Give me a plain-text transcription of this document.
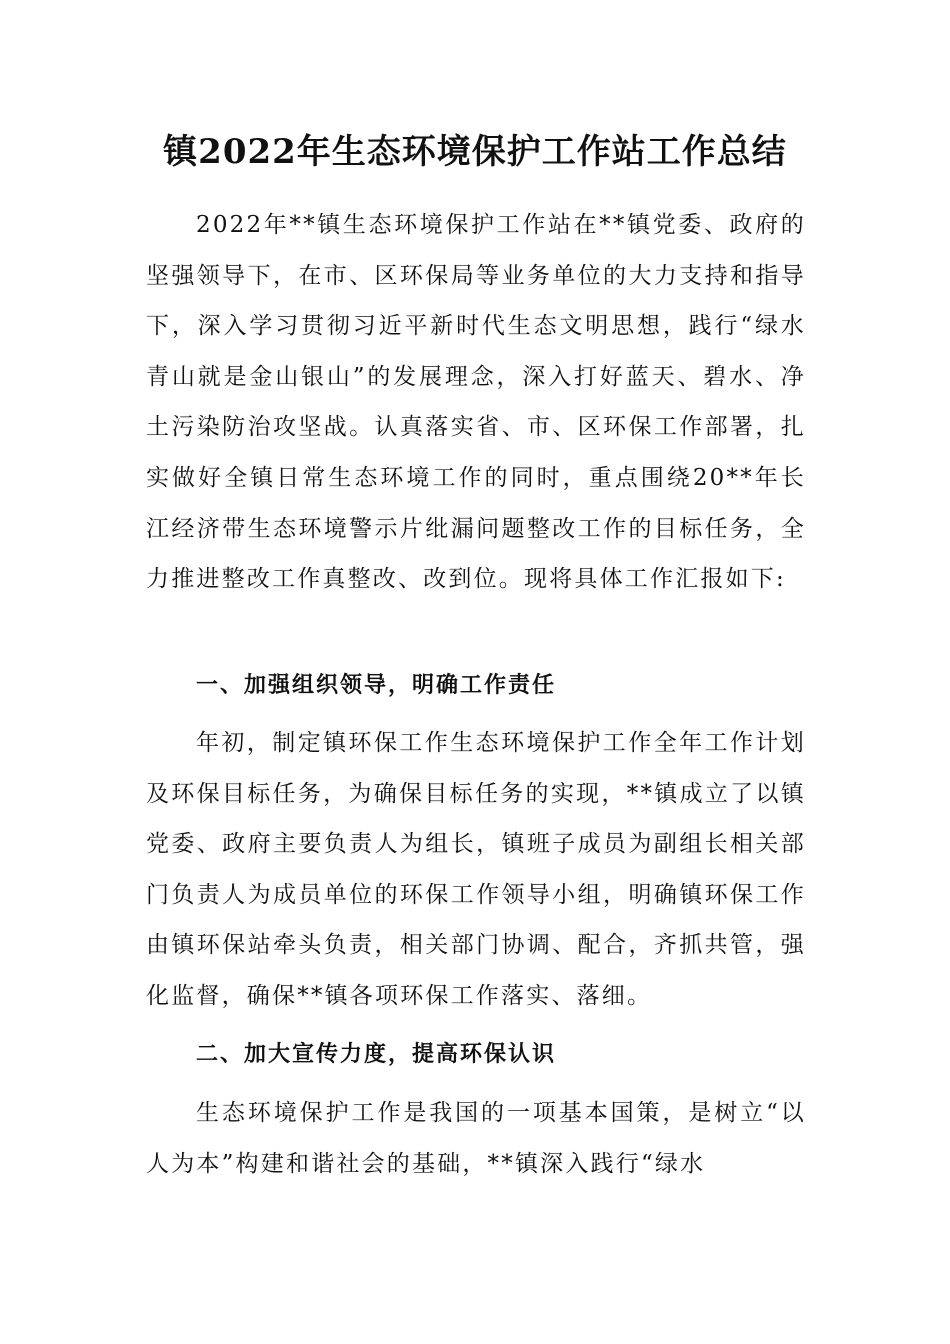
镇2022年生态环境保护工作站工作总结

2022年**镇生态环境保护工作站在**镇党委、政府的坚强领导下，在市、区环保局等业务单位的大力支持和指导下，深入学习贯彻习近平新时代生态文明思想，践行“绿水青山就是金山银山”的发展理念，深入打好蓝天、碧水、净土污染防治攻坚战。认真落实省、市、区环保工作部署，扎实做好全镇日常生态环境工作的同时，重点围绕20**年长江经济带生态环境警示片纰漏问题整改工作的目标任务，全力推进整改工作真整改、改到位。现将具体工作汇报如下:

一、加强组织领导，明确工作责任

年初，制定镇环保工作生态环境保护工作全年工作计划及环保目标任务，为确保目标任务的实现，**镇成立了以镇党委、政府主要负责人为组长，镇班子成员为副组长相关部门负责人为成员单位的环保工作领导小组，明确镇环保工作由镇环保站牵头负责，相关部门协调、配合，齐抓共管，强化监督，确保**镇各项环保工作落实、落细。

二、加大宣传力度，提高环保认识

生态环境保护工作是我国的一项基本国策，是树立“以人为本”构建和谐社会的基础，**镇深入践行“绿水
